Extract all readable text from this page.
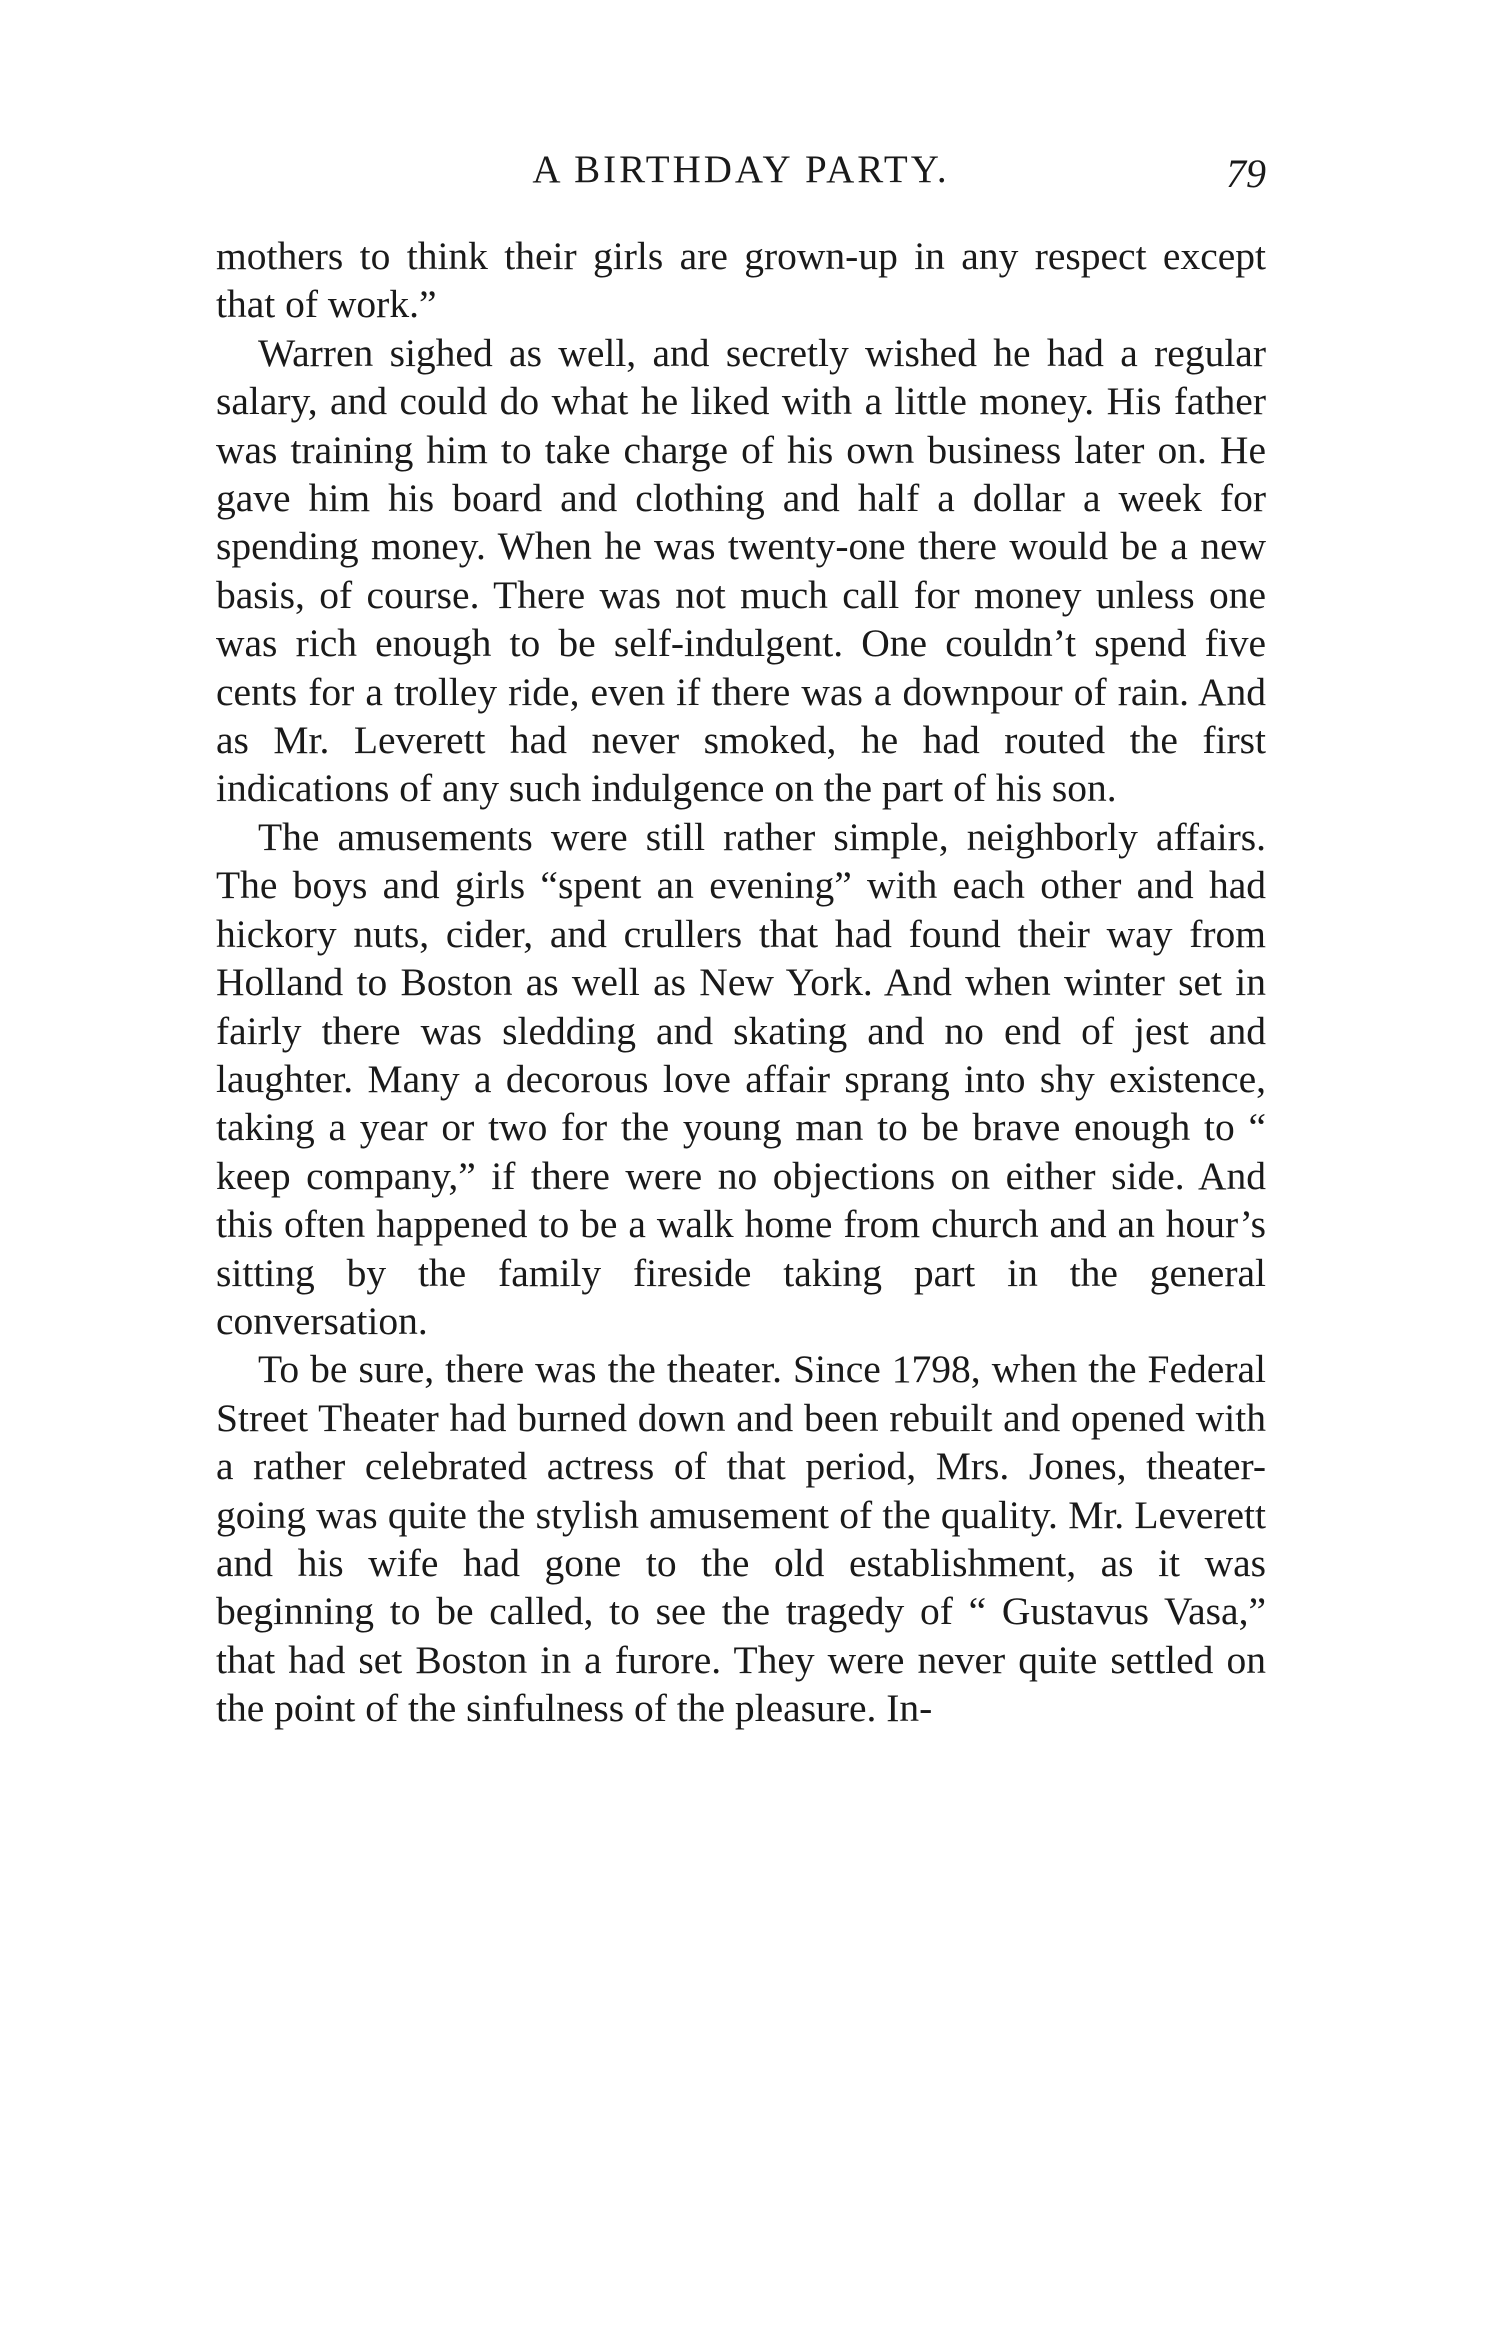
A BIRTHDAY PARTY.	79

mothers to think their girls are grown-up in any respect except that of work.”

Warren sighed as well, and secretly wished he had a regular salary, and could do what he liked with a little money. His father was training him to take charge of his own business later on. He gave him his board and clothing and half a dollar a week for spending money. When he was twenty-one there would be a new basis, of course. There was not much call for money unless one was rich enough to be self-indulgent. One couldn’t spend five cents for a trolley ride, even if there was a downpour of rain. And as Mr. Leverett had never smoked, he had routed the first indications of any such indulgence on the part of his son.

The amusements were still rather simple, neighborly affairs. The boys and girls “spent an evening” with each other and had hickory nuts, cider, and crullers that had found their way from Holland to Boston as well as New York. And when winter set in fairly there was sledding and skating and no end of jest and laughter. Many a decorous love affair sprang into shy existence, taking a year or two for the young man to be brave enough to “ keep company,” if there were no objections on either side. And this often happened to be a walk home from church and an hour’s sitting by the family fireside taking part in the general conversation.

To be sure, there was the theater. Since 1798, when the Federal Street Theater had burned down and been rebuilt and opened with a rather celebrated actress of that period, Mrs. Jones, theater-going was quite the stylish amusement of the quality. Mr. Leverett and his wife had gone to the old establishment, as it was beginning to be called, to see the tragedy of “ Gustavus Vasa,” that had set Boston in a furore. They were never quite settled on the point of the sinfulness of the pleasure. In-
